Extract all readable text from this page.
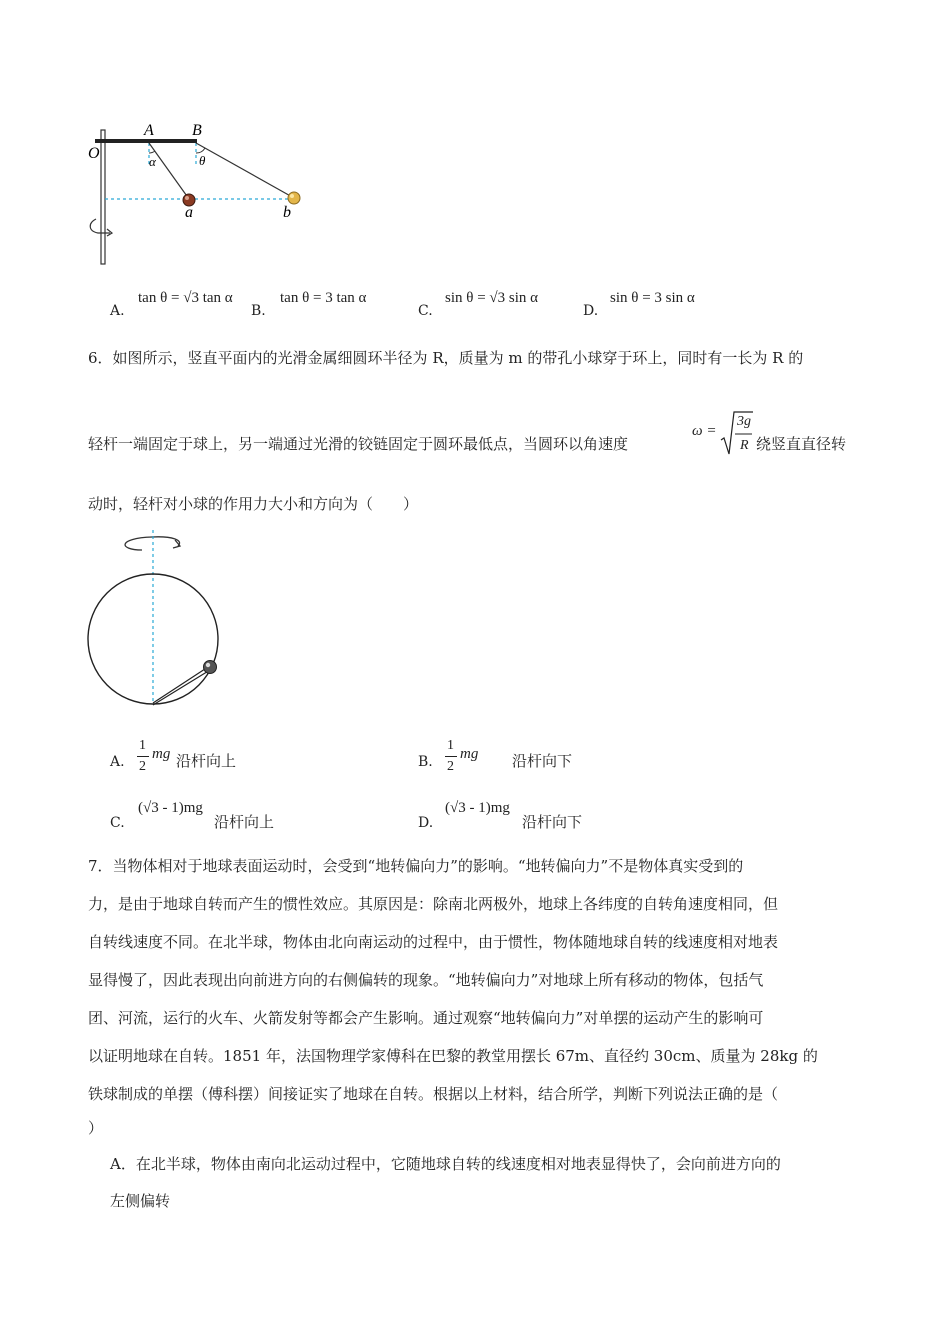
O
A B
α	θ
a	b
A.
tan θ = √3 tan α
B.
tan θ = 3 tan α
C.
sin θ = √3 sin α
D.
sin θ = 3 sin α
6．如图所示，竖直平面内的光滑金属细圆环半径为 R，质量为 m 的带孔小球穿于环上，同时有一长为 R 的
轻杆一端固定于球上，另一端通过光滑的铰链固定于圆环最低点，当圆环以角速度
ω =
3g
R 绕竖直直径转
动时，轻杆对小球的作用力大小和方向为（　　）
A.
1
2
mg 沿杆向上	B.
1
2
mg 沿杆向下
C.
(√3 - 1)mg
沿杆向上	D.
(√3 - 1)mg
沿杆向下
7．当物体相对于地球表面运动时，会受到“地转偏向力”的影响。“地转偏向力”不是物体真实受到的
力，是由于地球自转而产生的惯性效应。其原因是：除南北两极外，地球上各纬度的自转角速度相同，但
自转线速度不同。在北半球，物体由北向南运动的过程中，由于惯性，物体随地球自转的线速度相对地表
显得慢了，因此表现出向前进方向的右侧偏转的现象。“地转偏向力”对地球上所有移动的物体，包括气
团、河流，运行的火车、火箭发射等都会产生影响。通过观察“地转偏向力”对单摆的运动产生的影响可
以证明地球在自转。1851 年，法国物理学家傅科在巴黎的教堂用摆长 67m、直径约 30cm、质量为 28kg 的
铁球制成的单摆（傅科摆）间接证实了地球在自转。根据以上材料，结合所学，判断下列说法正确的是（
）
A．在北半球，物体由南向北运动过程中，它随地球自转的线速度相对地表显得快了，会向前进方向的
左侧偏转
